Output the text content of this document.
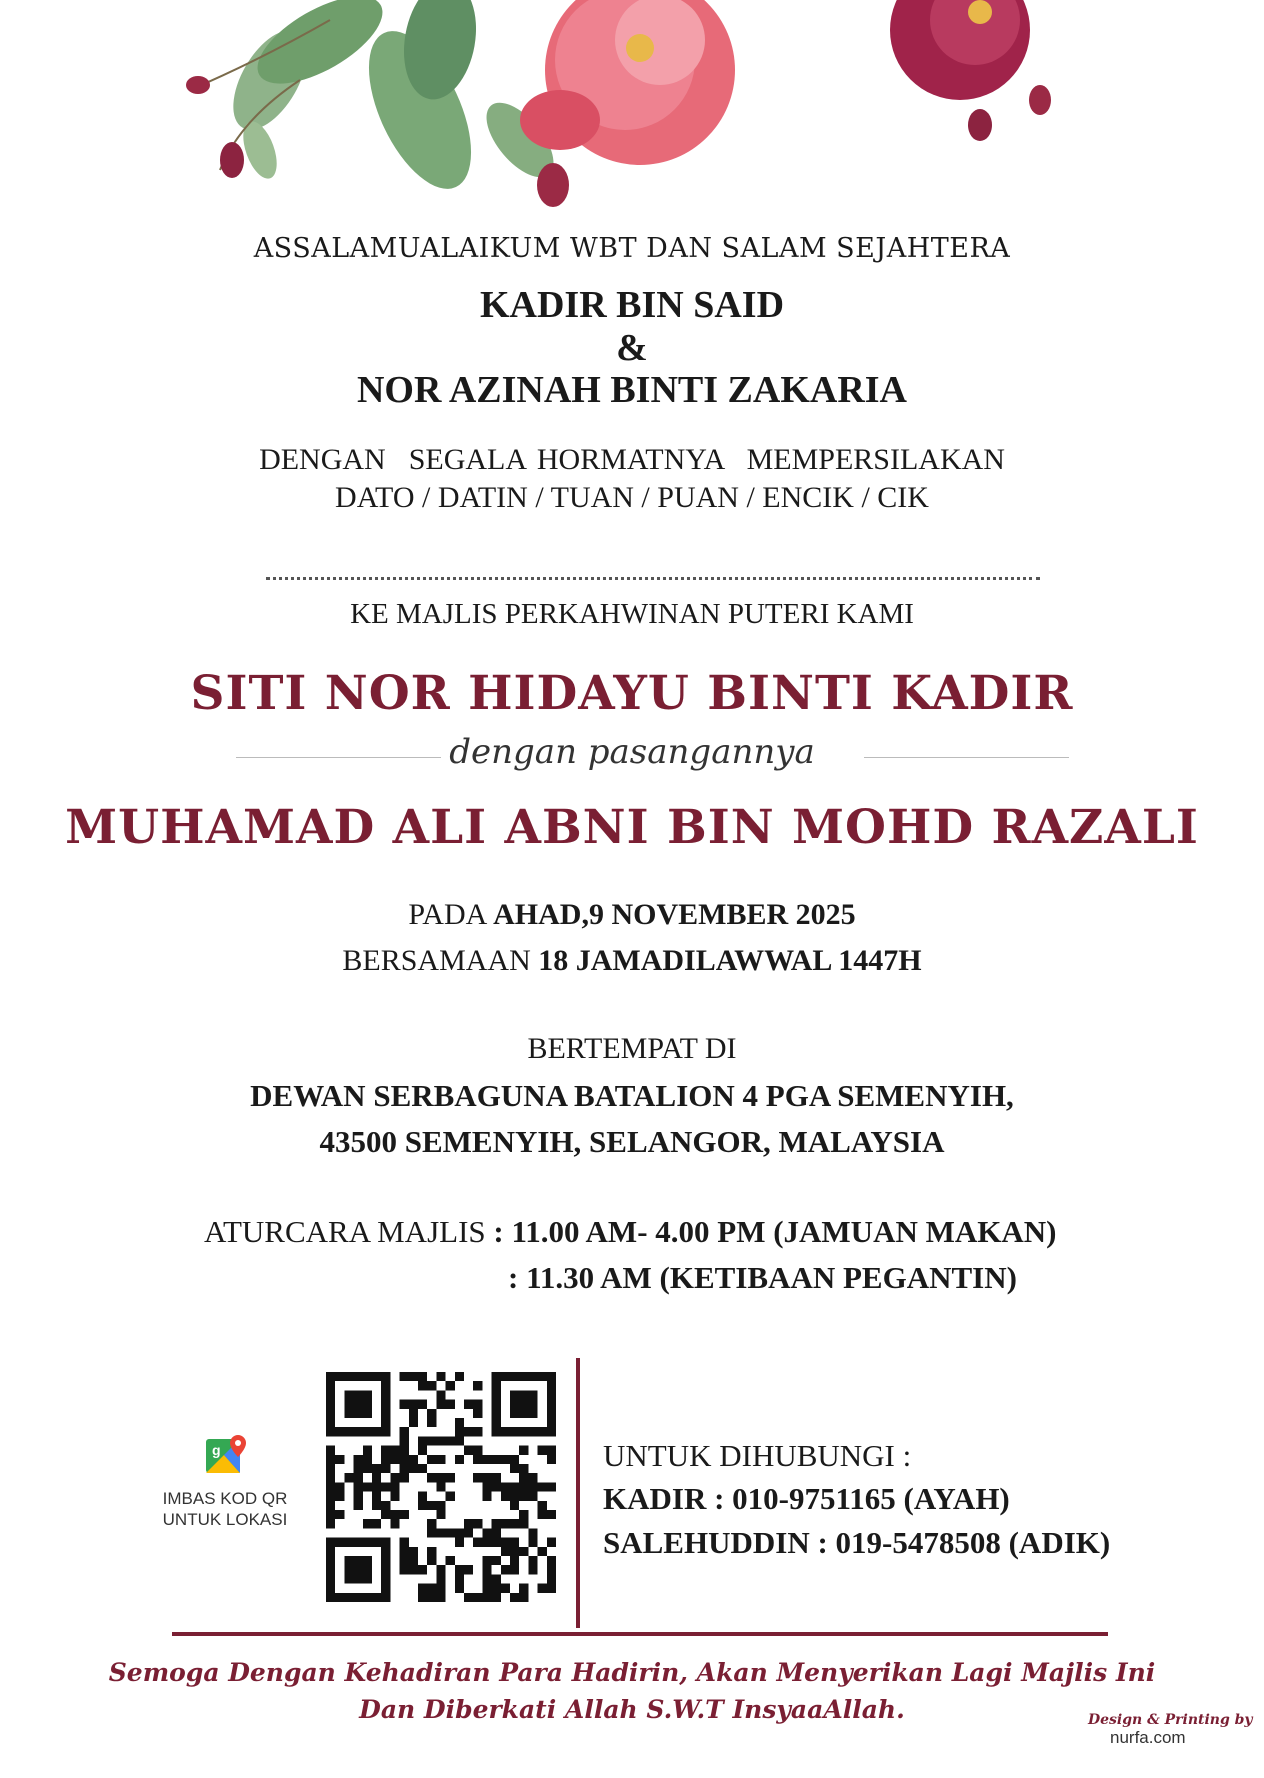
ASSALAMUALAIKUM WBT DAN SALAM SEJAHTERA
KADIR BIN SAID
&
NOR AZINAH BINTI ZAKARIA
DENGAN  SEGALA HORMATNYA  MEMPERSILAKAN
DATO / DATIN / TUAN / PUAN / ENCIK / CIK
KE MAJLIS PERKAHWINAN PUTERI KAMI
SITI NOR HIDAYU BINTI KADIR
dengan pasangannya
MUHAMAD ALI ABNI BIN MOHD RAZALI
PADA AHAD,9 NOVEMBER 2025
BERSAMAAN 18 JAMADILAWWAL 1447H
BERTEMPAT DI
DEWAN SERBAGUNA BATALION 4 PGA SEMENYIH,
43500 SEMENYIH, SELANGOR, MALAYSIA
ATURCARA MAJLIS : 11.00 AM- 4.00 PM (JAMUAN MAKAN)
: 11.30 AM (KETIBAAN PEGANTIN)
g
IMBAS KOD QR
UNTUK LOKASI
UNTUK DIHUBUNGI :
KADIR : 010-9751165 (AYAH)
SALEHUDDIN : 019-5478508 (ADIK)
Semoga Dengan Kehadiran Para Hadirin, Akan Menyerikan Lagi Majlis Ini
Dan Diberkati Allah S.W.T InsyaaAllah.	Design & Printing by
nurfa.com
